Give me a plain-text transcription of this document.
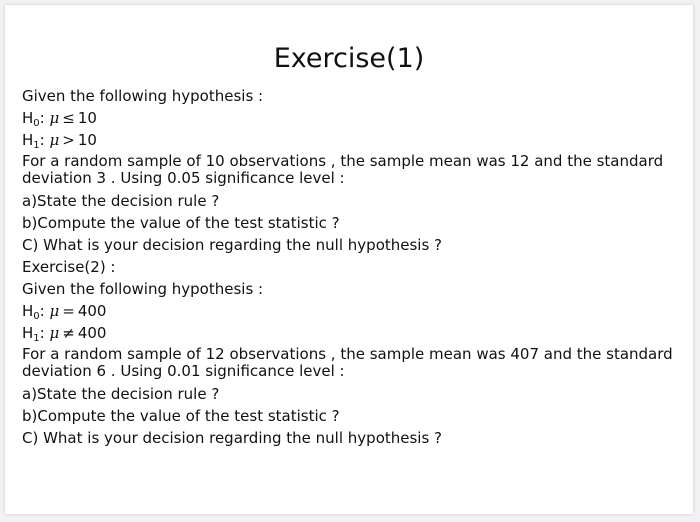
Exercise(1)
Given the following hypothesis :
$H_0$: μ ≤ 10
$H_1$: μ > 10
For a random sample of 10 observations , the sample mean was 12 and the standard deviation 3 . Using 0.05 significance level :
a)State the decision rule ?
b)Compute the value of the test statistic ?
C) What is your decision regarding the null hypothesis ?
Exercise(2) :
Given the following hypothesis :
$H_0$: μ = 400
$H_1$: μ ≠ 400
For a random sample of 12 observations , the sample mean was 407 and the standard deviation 6 . Using 0.01 significance level :
a)State the decision rule ?
b)Compute the value of the test statistic ?
C) What is your decision regarding the null hypothesis ?
